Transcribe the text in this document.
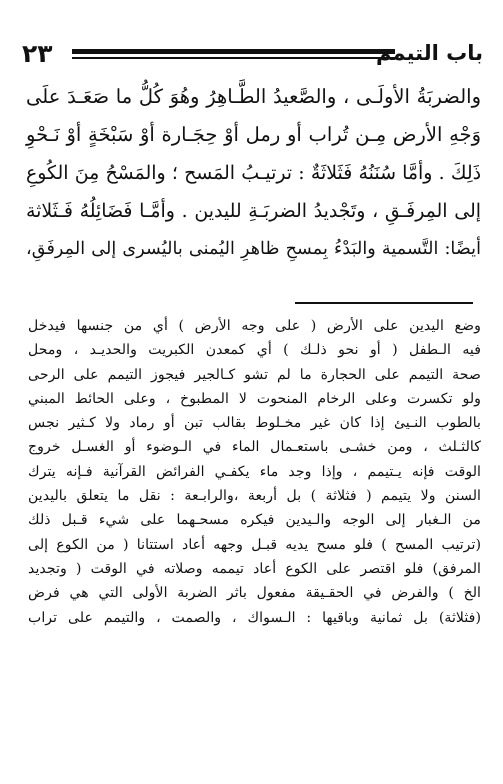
٢٣	باب التيمم
والضربَةُ الأولَـى ، والصَّعيدُ الطَّـاهِرُ وهُوَ كُلُّ ما صَعَـدَ علَى
وَجْهِ الأرض مِـن تُراب أو رمل أوْ حِجَـارة أوْ سَبْخَةٍ أوْ نَـحْوِ
ذَلِكَ . وأمَّا سُنَنُهُ فَثَلاثَةٌ : ترتيـبُ المَسح ؛ والمَسْحُ مِنَ الكُوعِ
إلى المِرفَـقِ ، وتَجْديدُ الضربَـةِ لليدين . وأمَّـا فَضَائِلُهُ فَـثَلاثة
أيضًا: التَّسمية والبَدْءُ بِمسحِ ظاهرِ اليُمنى باليُسرى إلى المِرفَقِ،
وضع اليدين على الأرض ( على وجه الأرض ) أي من جنسها فيدخل
فيه الـطفل ( أو نحو ذلـك ) أي كمعدن الكبريت والحديـد ، ومحل
صحة التيمم على الحجارة ما لم تشو كـالجير فيجوز التيمم على الرحى
ولو تكسرت وعلى الرخام المنحوت لا المطبوخ ، وعلى الحائط المبني
بالطوب النـيئ إذا كان غير مخـلوط بقالب تبن أو رماد ولا كـثير نجس
كالثـلث ، ومن خشـى باستعـمال الماء في الـوضوء أو الغسـل خروج
الوقت فإنه يـتيمم ، وإذا وجد ماء يكفـي الفرائض القرآنية فـإنه يترك
السنن ولا يتيمم ( فثلاثة ) بل أربعة ،والرابـعة : نقل ما يتعلق باليدين
من الـغبار إلى الوجه والـيدين فيكره مسحـهما على شيء قـبل ذلك
(ترتيب المسح ) فلو مسح يديه قبـل وجهه أعاد استتانا ( من الكوع إلى
المرفق) فلو اقتصر على الكوع أعاد تيممه وصلاته في الوقت ( وتجديد
الخ ) والفرض في الحقـيقة مفعول باثر الضربة الأولى التي هي فرض
(فثلاثة) بل ثمانية وباقيها : الـسواك ، والصمت ، والتيمم على تراب
